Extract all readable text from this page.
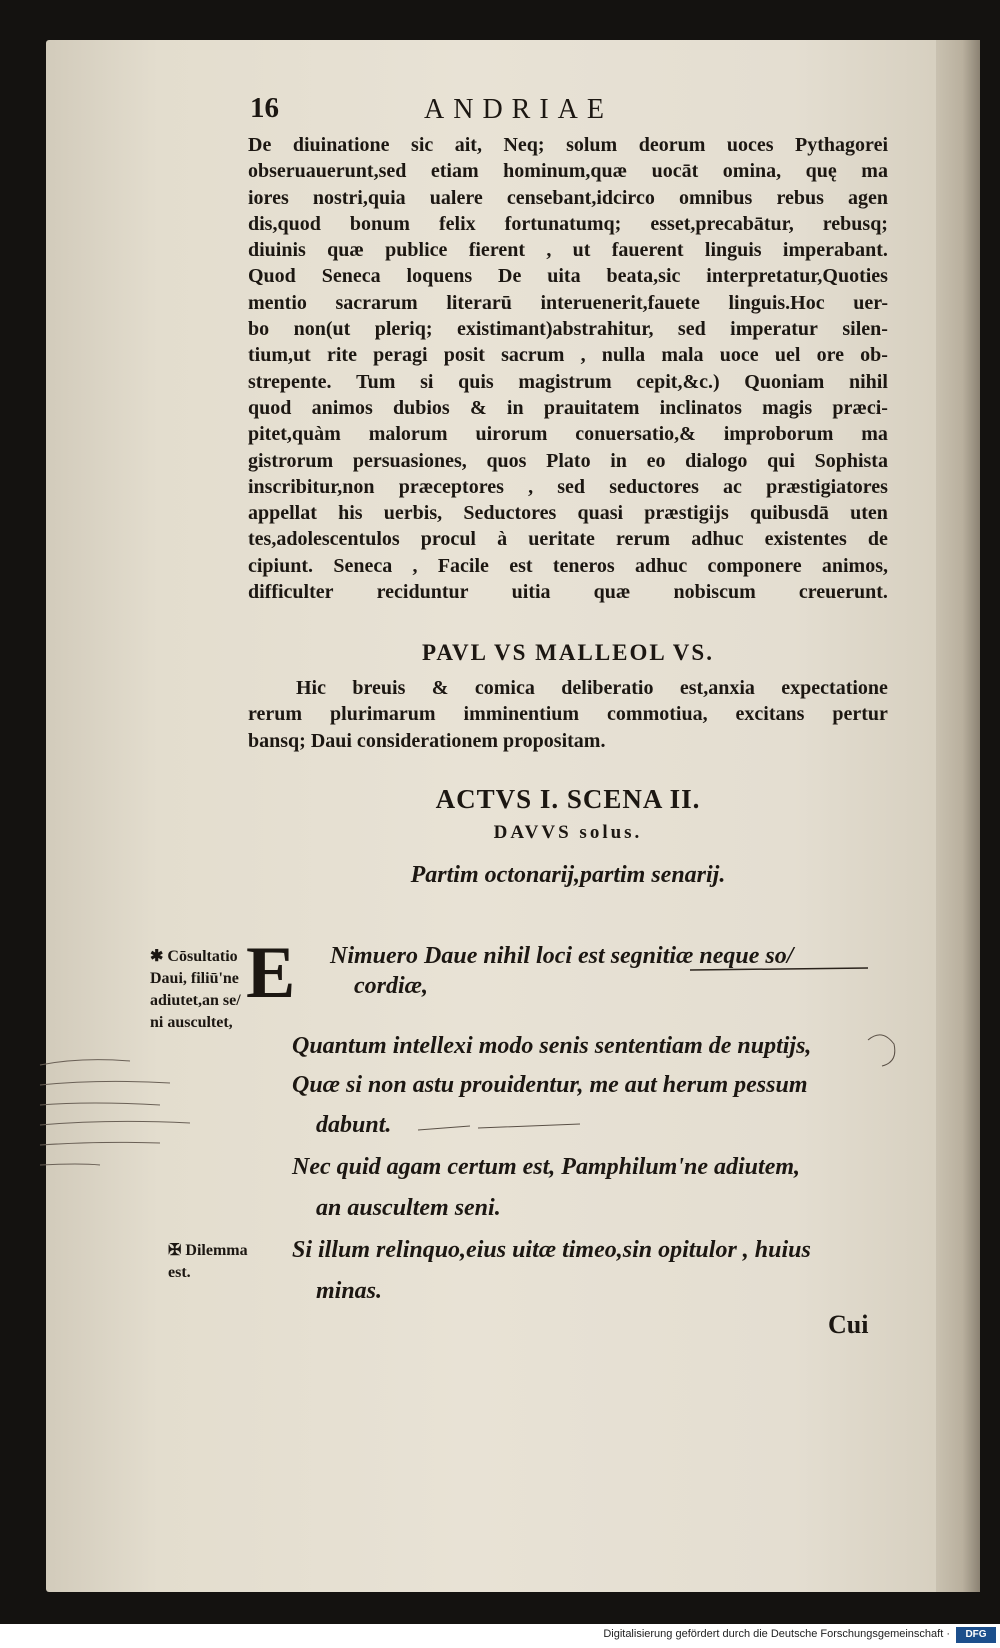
16	ANDRIAE
De diuinatione sic ait, Neq; solum deorum uoces Pythagorei
obseruauerunt,sed etiam hominum,quæ uocāt omina, quę ma
iores nostri,quia ualere censebant,idcirco omnibus rebus agen
dis,quod bonum felix fortunatumq; esset,precabātur, rebusq;
diuinis quæ publice fierent , ut fauerent linguis imperabant.
Quod Seneca loquens De uita beata,sic interpretatur,Quoties
mentio sacrarum literarū interuenerit,fauete linguis.Hoc uer-
bo non(ut pleriq; existimant)abstrahitur, sed imperatur silen-
tium,ut rite peragi posit sacrum , nulla mala uoce uel ore ob-
strepente. Tum si quis magistrum cepit,&c.) Quoniam nihil
quod animos dubios & in prauitatem inclinatos magis præci-
pitet,quàm malorum uirorum conuersatio,& improborum ma
gistrorum persuasiones, quos Plato in eo dialogo qui Sophista
inscribitur,non præceptores , sed seductores ac præstigiatores
appellat his uerbis, Seductores quasi præstigijs quibusdā uten
tes,adolescentulos procul à ueritate rerum adhuc existentes de
cipiunt. Seneca , Facile est teneros adhuc componere animos,
difficulter reciduntur uitia quæ nobiscum creuerunt.
PAVL VS MALLEOL VS.
Hic breuis & comica deliberatio est,anxia expectatione
rerum plurimarum imminentium commotiua, excitans pertur
bansq; Daui considerationem propositam.
ACTVS I. SCENA II.
DAVVS solus.
Partim octonarij,partim senarij.
E Nimuero Daue nihil loci est segnitiæ neque so/
cordiæ,
Quantum intellexi modo senis sententiam de nuptijs,
Quæ si non astu prouidentur, me aut herum pessum
dabunt.
Nec quid agam certum est, Pamphilum'ne adiutem,
an auscultem seni.
Si illum relinquo,eius uitæ timeo,sin opitulor , huius
minas.
✱ Cōsultatio
Daui, filiū'ne
adiutet,an se/
ni auscultet,
✠ Dilemma
est.
Cui
Digitalisierung gefördert durch die Deutsche Forschungsgemeinschaft ·	DFG
